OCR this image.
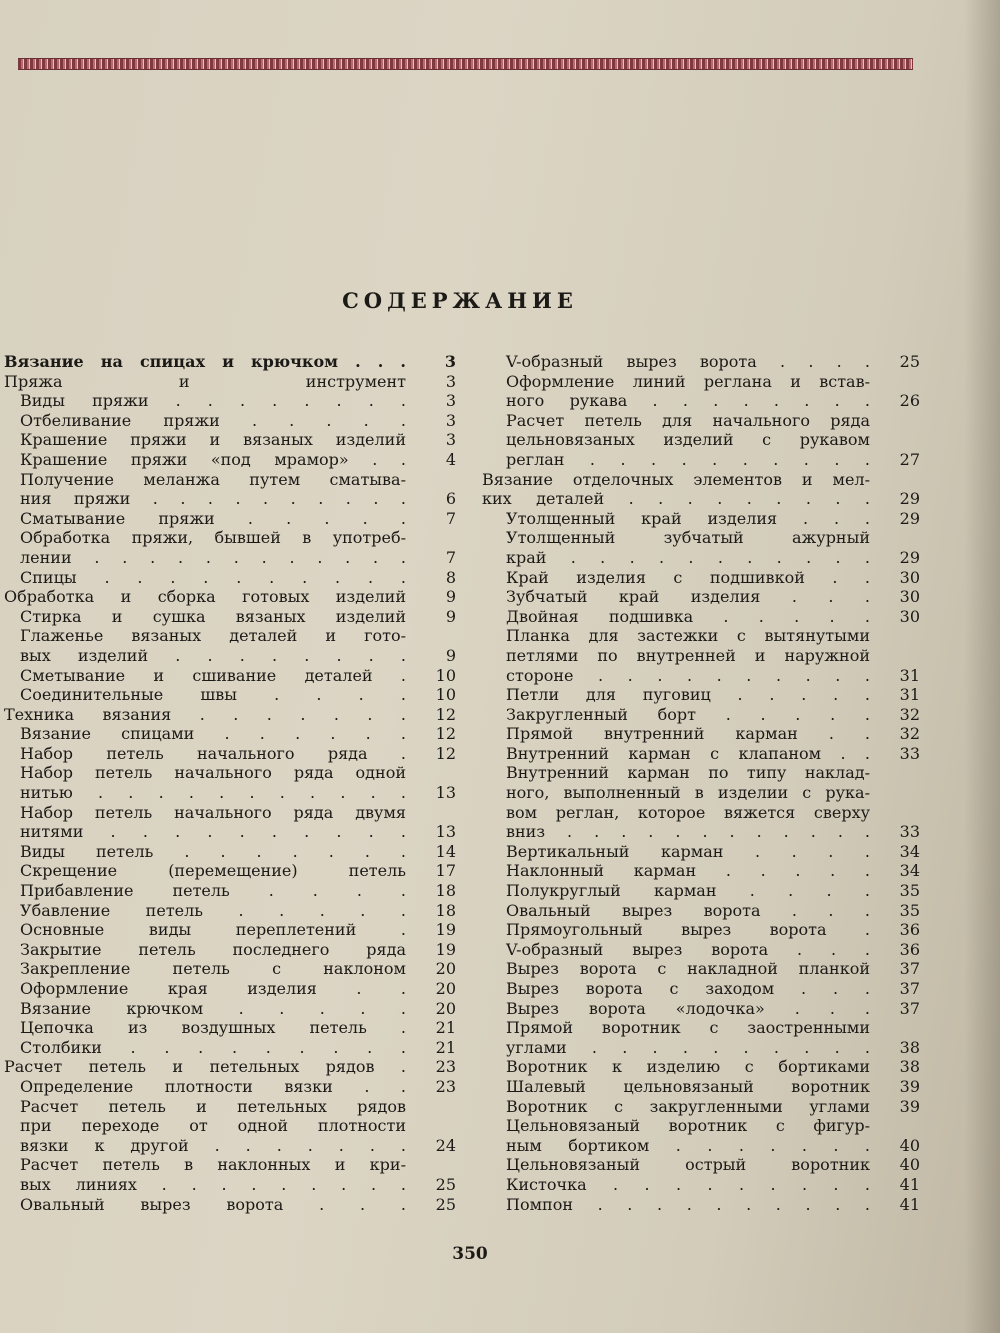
СОДЕРЖАНИЕ
Вязание на спицах и крючком . . .	3
Пряжа и инструмент	3
Виды пряжи . . . . . . . .	3
Отбеливание пряжи . . . . .	3
Крашение пряжи и вязаных изделий	3
Крашение пряжи «под мрамор» . .	4
Получение меланжа путем сматыва-
ния пряжи . . . . . . . . . .	6
Сматывание пряжи . . . . .	7
Обработка пряжи, бывшей в употреб-
лении . . . . . . . . . . . .	7
Спицы . . . . . . . . . .	8
Обработка и сборка готовых изделий	9
Стирка и сушка вязаных изделий	9
Глаженье вязаных деталей и гото-
вых изделий . . . . . . . .	9
Сметывание и сшивание деталей .	10
Соединительные швы . . . .	10
Техника вязания . . . . . . .	12
Вязание спицами . . . . . .	12
Набор петель начального ряда .	12
Набор петель начального ряда одной
нитью . . . . . . . . . . .	13
Набор петель начального ряда двумя
нитями . . . . . . . . . .	13
Виды петель . . . . . . .	14
Скрещение (перемещение) петель	17
Прибавление петель . . . .	18
Убавление петель . . . . .	18
Основные виды переплетений .	19
Закрытие петель последнего ряда	19
Закрепление петель с наклоном	20
Оформление края изделия . .	20
Вязание крючком . . . . .	20
Цепочка из воздушных петель .	21
Столбики . . . . . . . . .	21
Расчет петель и петельных рядов .	23
Определение плотности вязки . .	23
Расчет петель и петельных рядов
при переходе от одной плотности
вязки к другой . . . . . . .	24
Расчет петель в наклонных и кри-
вых линиях . . . . . . . . .	25
Овальный вырез ворота . . .	25
V-образный вырез ворота . . . .	25
Оформление линий реглана и встав-
ного рукава . . . . . . . .	26
Расчет петель для начального ряда
цельновязаных изделий с рукавом
реглан . . . . . . . . . .	27
Вязание отделочных элементов и мел-
ких деталей . . . . . . . . .	29
Утолщенный край изделия . . .	29
Утолщенный зубчатый ажурный
край . . . . . . . . . . .	29
Край изделия с подшивкой . .	30
Зубчатый край изделия . . .	30
Двойная подшивка . . . . .	30
Планка для застежки с вытянутыми
петлями по внутренней и наружной
стороне . . . . . . . . . .	31
Петли для пуговиц . . . . .	31
Закругленный борт . . . . .	32
Прямой внутренний карман . .	32
Внутренний карман с клапаном . .	33
Внутренний карман по типу наклад-
ного, выполненный в изделии с рука-
вом реглан, которое вяжется сверху
вниз . . . . . . . . . . . .	33
Вертикальный карман . . . .	34
Наклонный карман . . . . .	34
Полукруглый карман . . . .	35
Овальный вырез ворота . . .	35
Прямоугольный вырез ворота .	36
V-образный вырез ворота . . .	36
Вырез ворота с накладной планкой	37
Вырез ворота с заходом . . .	37
Вырез ворота «лодочка» . . .	37
Прямой воротник с заостренными
углами . . . . . . . . . .	38
Воротник к изделию с бортиками	38
Шалевый цельновязаный воротник	39
Воротник с закругленными углами	39
Цельновязаный воротник с фигур-
ным бортиком . . . . . . .	40
Цельновязаный острый воротник	40
Кисточка . . . . . . . . .	41
Помпон . . . . . . . . . .	41
350
